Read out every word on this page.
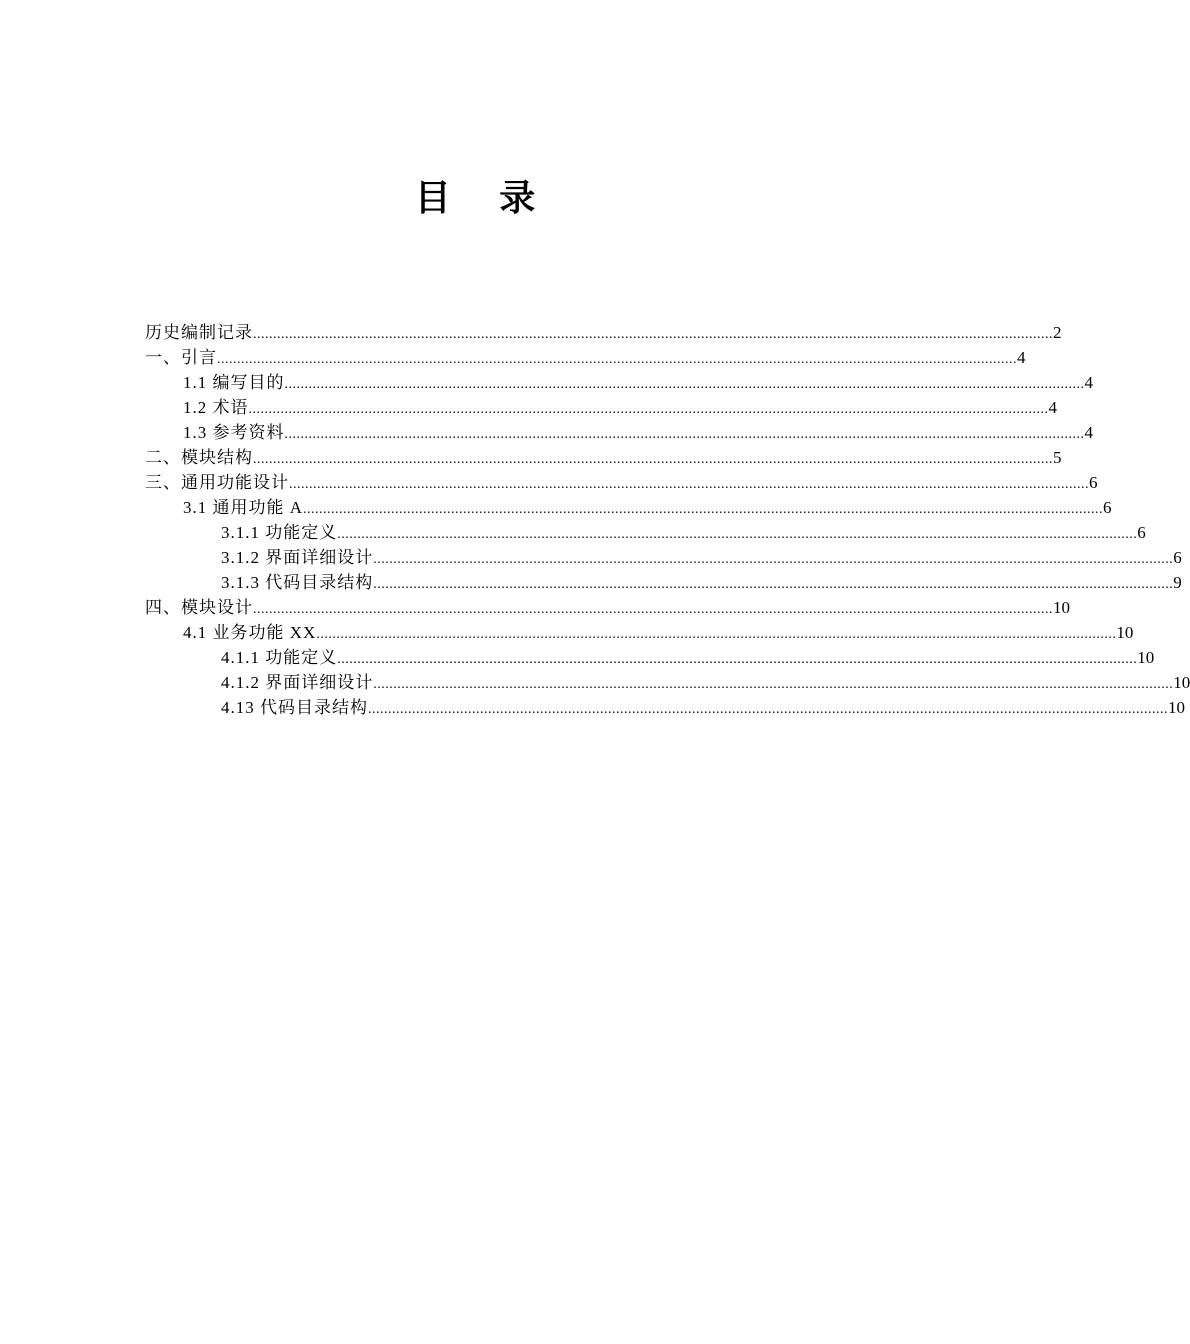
目 录
历史编制记录 ........................................................................................................................................................................................................ 2
一、引言 ........................................................................................................................................................................................................ 4
1.1 编写目的 ........................................................................................................................................................................................................ 4
1.2 术语 ........................................................................................................................................................................................................ 4
1.3 参考资料 ........................................................................................................................................................................................................ 4
二、模块结构 ........................................................................................................................................................................................................ 5
三、通用功能设计 ........................................................................................................................................................................................................ 6
3.1 通用功能 A ........................................................................................................................................................................................................ 6
3.1.1 功能定义 ........................................................................................................................................................................................................ 6
3.1.2 界面详细设计 ........................................................................................................................................................................................................ 6
3.1.3 代码目录结构 ........................................................................................................................................................................................................ 9
四、模块设计 ........................................................................................................................................................................................................ 10
4.1 业务功能 XX ........................................................................................................................................................................................................ 10
4.1.1 功能定义 ........................................................................................................................................................................................................ 10
4.1.2 界面详细设计 ........................................................................................................................................................................................................ 10
4.13 代码目录结构 ........................................................................................................................................................................................................ 10
